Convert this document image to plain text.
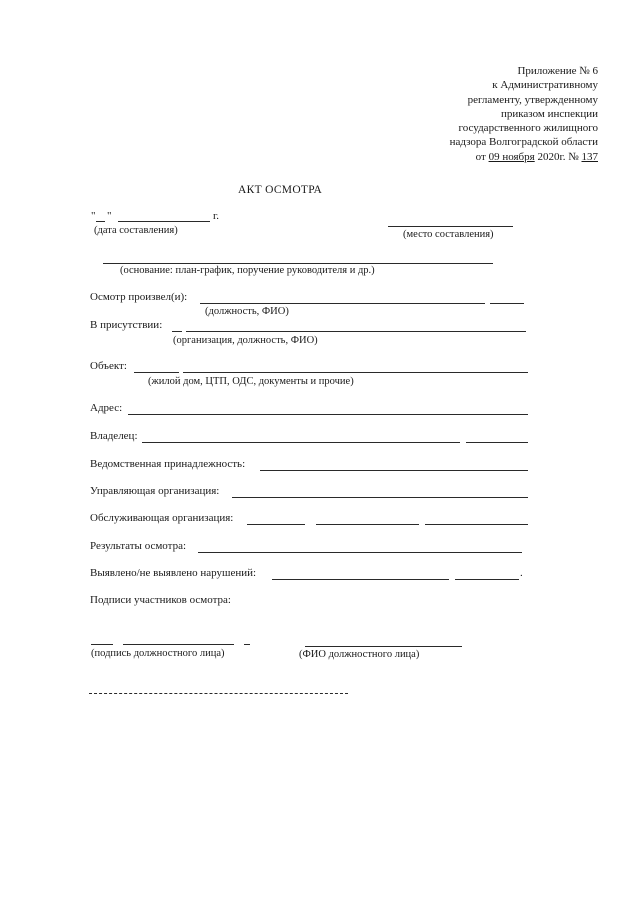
Приложение № 6
к Административному
регламенту, утвержденному
приказом инспекции
государственного жилищного
надзора Волгоградской области
от 09 ноября 2020г. № 137
АКТ ОСМОТРА
" "	г.
(дата составления)	(место составления)
(основание: план-график, поручение руководителя и др.)
Осмотр произвел(и):
(должность, ФИО)
В присутствии:
(организация, должность, ФИО)
Объект:
(жилой дом, ЦТП, ОДС, документы и прочие)
Адрес:
Владелец:
Ведомственная принадлежность:
Управляющая организация:
Обслуживающая организация:
Результаты осмотра:
Выявлено/не выявлено нарушений:	.
Подписи участников осмотра:
(подпись должностного лица)	(ФИО должностного лица)
